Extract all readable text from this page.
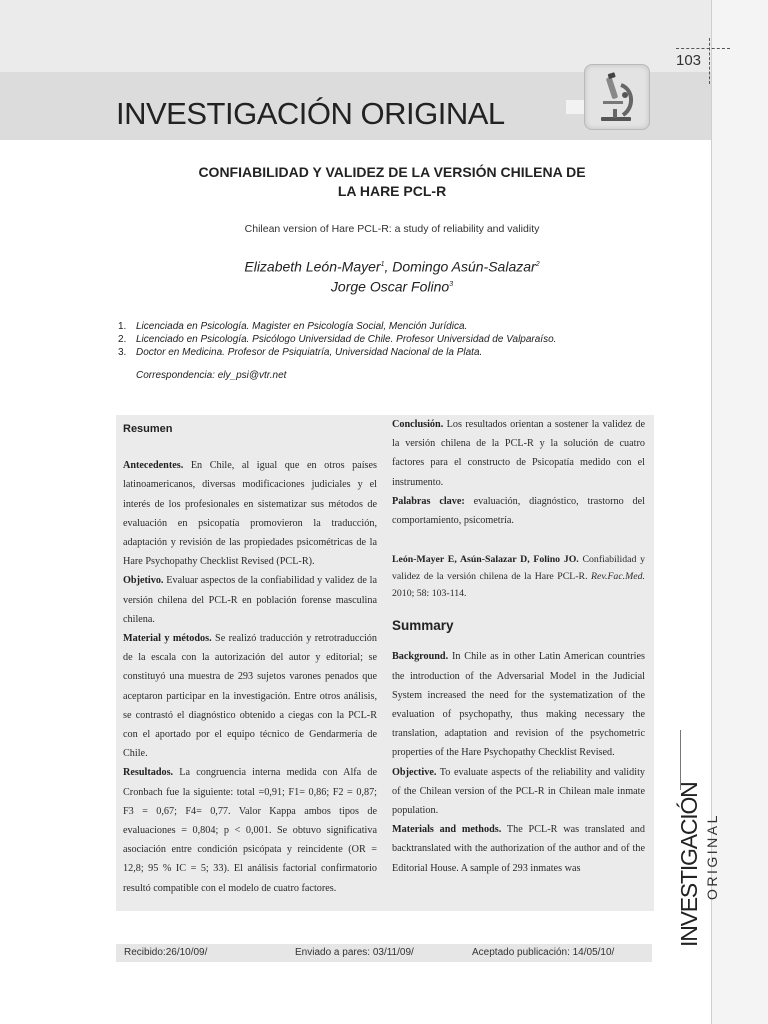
103
INVESTIGACIÓN ORIGINAL
CONFIABILIDAD Y VALIDEZ DE LA VERSIÓN CHILENA DE
LA HARE PCL-R
Chilean version of Hare PCL-R: a study of reliability and validity
Elizabeth León-Mayer$^1$, Domingo Asún-Salazar$^2$
Jorge Oscar Folino$^3$
1. Licenciada en Psicología. Magister en Psicología Social, Mención Jurídica.
2. Licenciado en Psicología. Psicólogo Universidad de Chile. Profesor Universidad de Valparaíso.
3. Doctor en Medicina. Profesor de Psiquiatría, Universidad Nacional de la Plata.
Correspondencia: ely_psi@vtr.net
Resumen

Antecedentes. En Chile, al igual que en otros países latinoamericanos, diversas modificaciones judiciales y el interés de los profesionales en sistematizar sus métodos de evaluación en psicopatía promovieron la traducción, adaptación y revisión de las propiedades psicométricas de la Hare Psychopathy Checklist Revised (PCL-R).

Objetivo. Evaluar aspectos de la confiabilidad y validez de la versión chilena del PCL-R en población forense masculina chilena.

Material y métodos. Se realizó traducción y retrotraducción de la escala con la autorización del autor y editorial; se constituyó una muestra de 293 sujetos varones penados que aceptaron participar en la investigación. Entre otros análisis, se contrastó el diagnóstico obtenido a ciegas con la PCL-R con el aportado por el equipo técnico de Gendarmería de Chile.

Resultados. La congruencia interna medida con Alfa de Cronbach fue la siguiente: total =0,91; F1= 0,86; F2 = 0,87; F3 = 0,67; F4= 0,77. Valor Kappa ambos tipos de evaluaciones = 0,804; p < 0,001. Se obtuvo significativa asociación entre condición psicópata y reincidente (OR = 12,8; 95 % IC = 5; 33). El análisis factorial confirmatorio resultó compatible con el modelo de cuatro factores.

Conclusión. Los resultados orientan a sostener la validez de la versión chilena de la PCL-R y la solución de cuatro factores para el constructo de Psicopatía medido con el instrumento.

Palabras clave: evaluación, diagnóstico, trastorno del comportamiento, psicometría.

León-Mayer E, Asún-Salazar D, Folino JO. Confiabilidad y validez de la versión chilena de la Hare PCL-R. Rev.Fac.Med. 2010; 58: 103-114.

Summary

Background. In Chile as in other Latin American countries the introduction of the Adversarial Model in the Judicial System increased the need for the systematization of the evaluation of psychopathy, thus making necessary the translation, adaptation and revision of the psychometric properties of the Hare Psychopathy Checklist Revised.

Objective. To evaluate aspects of the reliability and validity of the Chilean version of the PCL-R in Chilean male inmate population.

Materials and methods. The PCL-R was translated and backtranslated with the authorization of the author and of the Editorial House. A sample of 293 inmates was

Recibido:26/10/09/	Enviado a pares: 03/11/09/	Aceptado publicación: 14/05/10/
INVESTIGACIÓN ORIGINAL
